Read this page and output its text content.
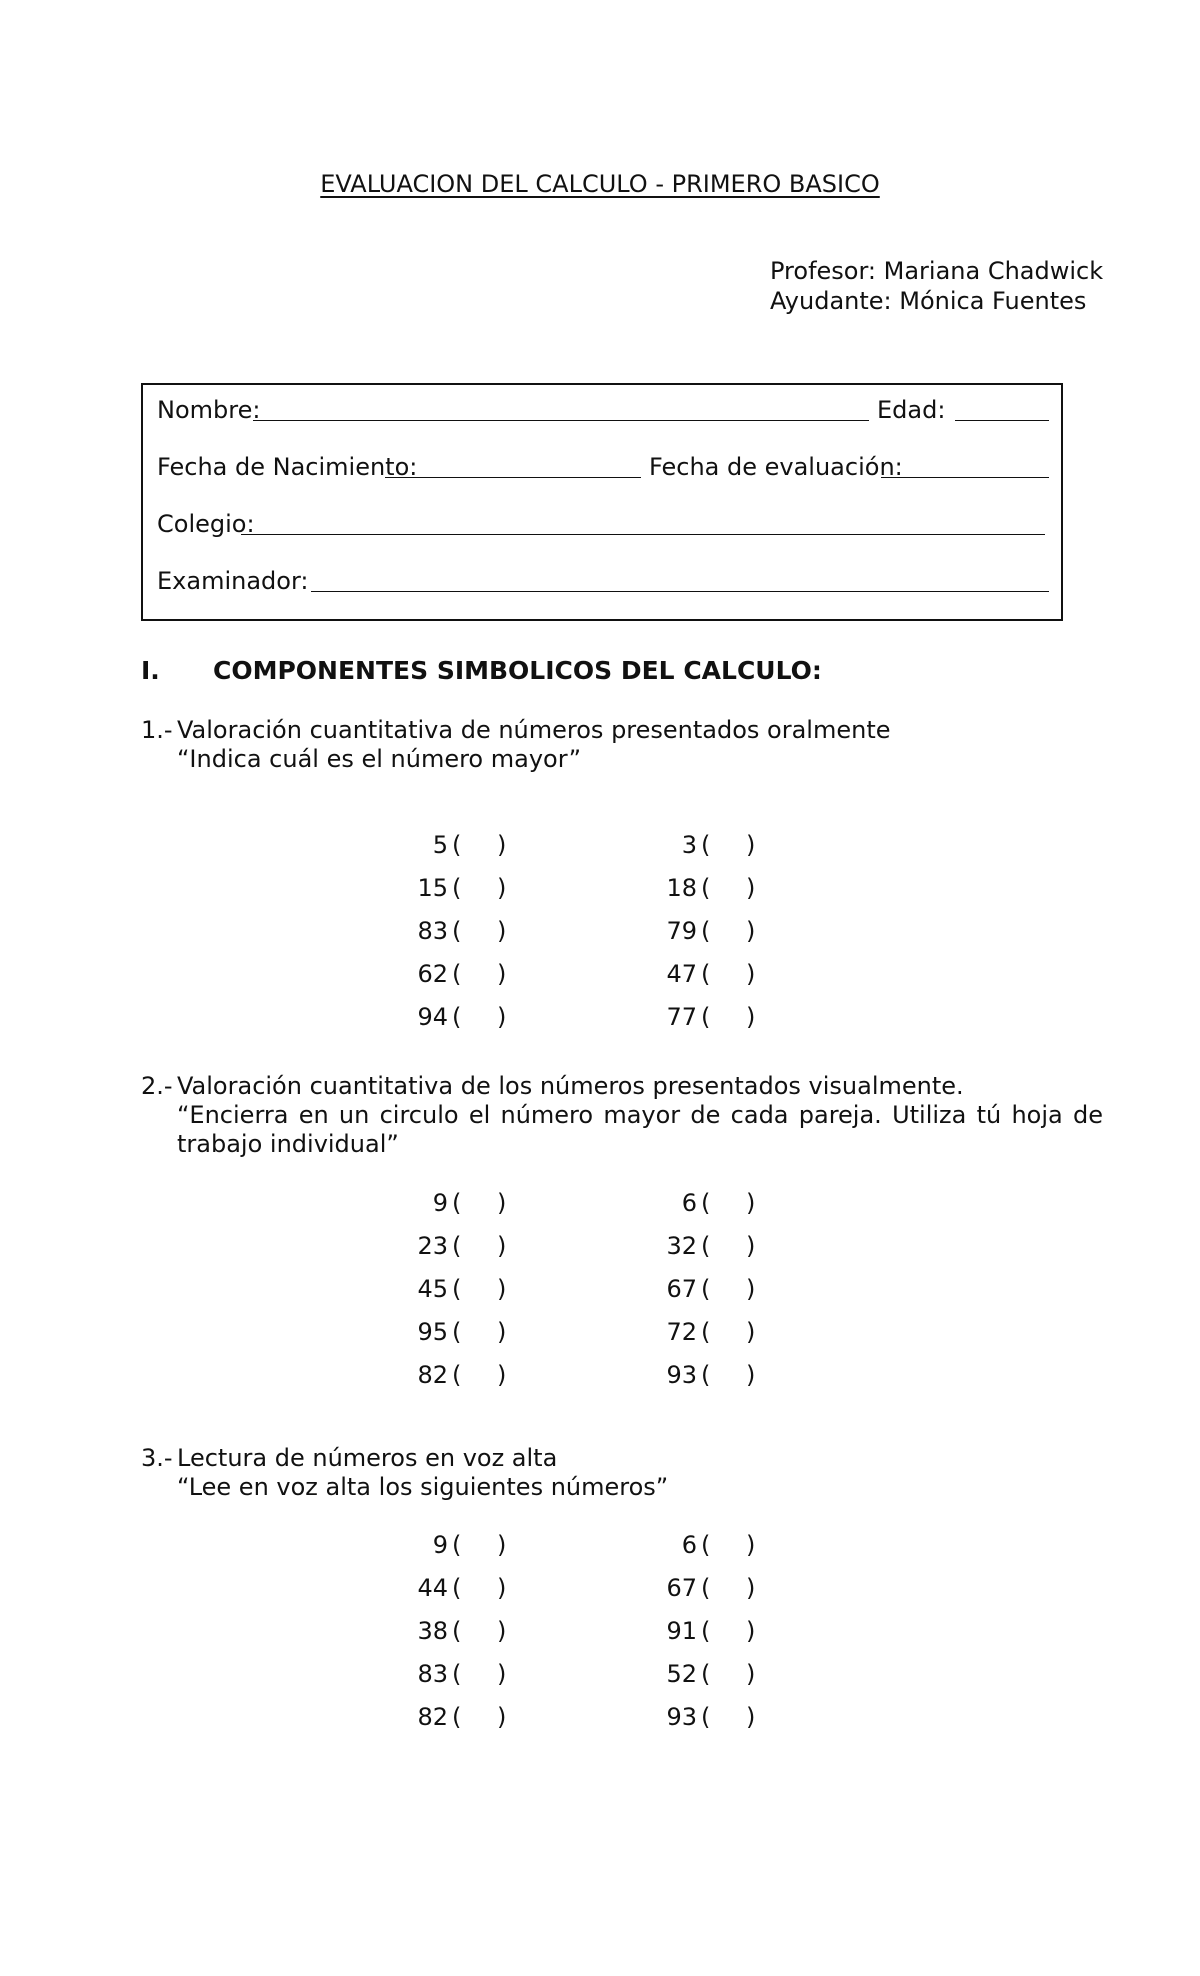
EVALUACION DEL CALCULO - PRIMERO BASICO
Profesor: Mariana Chadwick
Ayudante: Mónica Fuentes
Nombre:	Edad:
Fecha de Nacimiento:	Fecha de evaluación:
Colegio:
Examinador:
I. COMPONENTES SIMBOLICOS DEL CALCULO:
1.- Valoración cuantitativa de números presentados oralmente
“Indica cuál es el número mayor”
5 ( )	3 ( )
15 ( )	18 ( )
83 ( )	79 ( )
62 ( )	47 ( )
94 ( )	77 ( )
2.- Valoración cuantitativa de los números presentados visualmente.
“Encierra en un circulo el número mayor de cada pareja. Utiliza tú hoja de trabajo individual”
9 ( )	6 ( )
23 ( )	32 ( )
45 ( )	67 ( )
95 ( )	72 ( )
82 ( )	93 ( )
3.- Lectura de números en voz alta
“Lee en voz alta los siguientes números”
9 ( )	6 ( )
44 ( )	67 ( )
38 ( )	91 ( )
83 ( )	52 ( )
82 ( )	93 ( )
